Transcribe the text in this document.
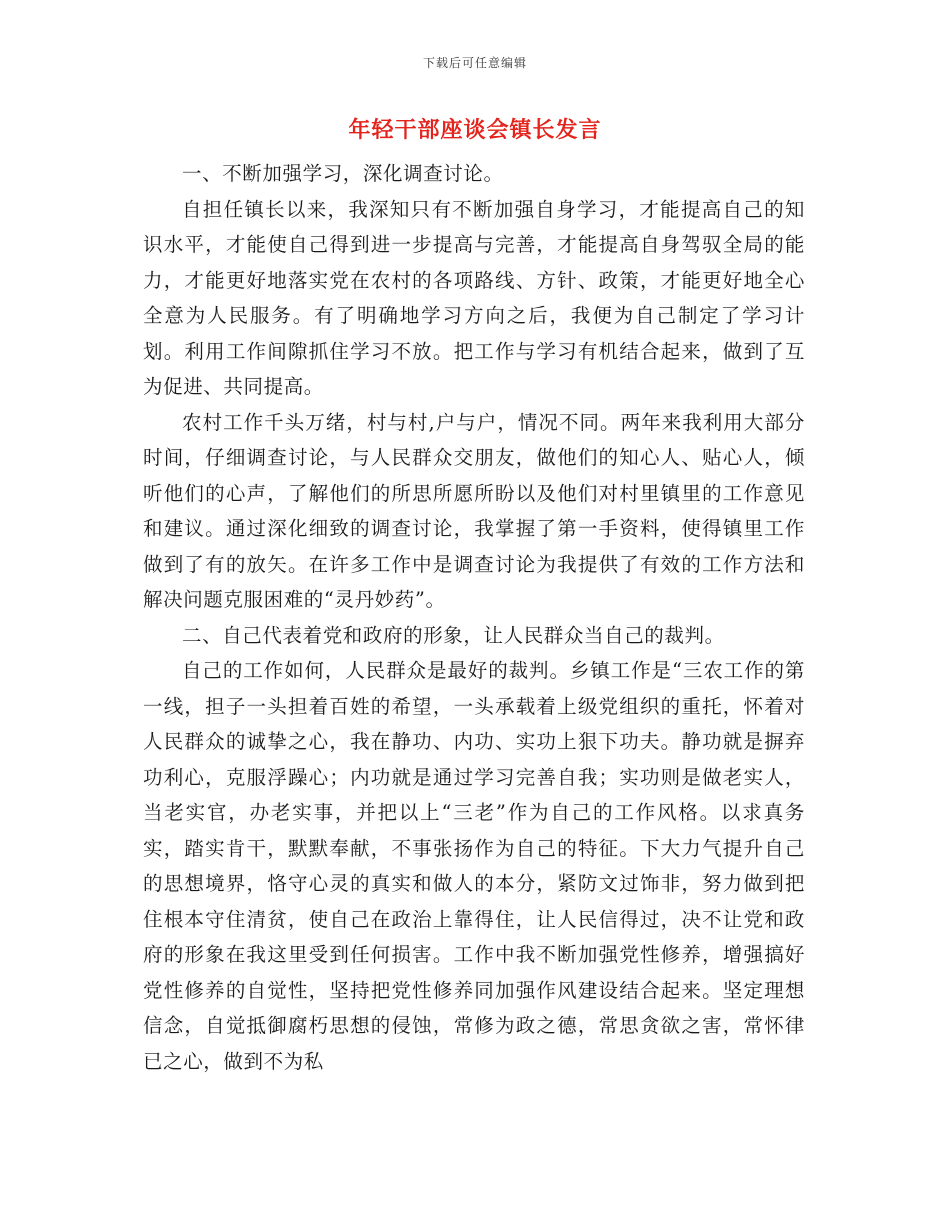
下载后可任意编辑
年轻干部座谈会镇长发言

一、不断加强学习，深化调查讨论。

自担任镇长以来，我深知只有不断加强自身学习，才能提高自己的知识水平，才能使自己得到进一步提高与完善，才能提高自身驾驭全局的能力，才能更好地落实党在农村的各项路线、方针、政策，才能更好地全心全意为人民服务。有了明确地学习方向之后，我便为自己制定了学习计划。利用工作间隙抓住学习不放。把工作与学习有机结合起来，做到了互为促进、共同提高。

农村工作千头万绪，村与村,户与户，情况不同。两年来我利用大部分时间，仔细调查讨论，与人民群众交朋友，做他们的知心人、贴心人，倾听他们的心声，了解他们的所思所愿所盼以及他们对村里镇里的工作意见和建议。通过深化细致的调查讨论，我掌握了第一手资料，使得镇里工作做到了有的放矢。在许多工作中是调查讨论为我提供了有效的工作方法和解决问题克服困难的“灵丹妙药”。

二、自己代表着党和政府的形象，让人民群众当自己的裁判。

自己的工作如何，人民群众是最好的裁判。乡镇工作是“三农工作的第一线，担子一头担着百姓的希望，一头承载着上级党组织的重托，怀着对人民群众的诚挚之心，我在静功、内功、实功上狠下功夫。静功就是摒弃功利心，克服浮躁心；内功就是通过学习完善自我；实功则是做老实人，当老实官，办老实事，并把以上“三老”作为自己的工作风格。以求真务实，踏实肯干，默默奉献，不事张扬作为自己的特征。下大力气提升自己的思想境界，恪守心灵的真实和做人的本分，紧防文过饰非，努力做到把住根本守住清贫，使自己在政治上靠得住，让人民信得过，决不让党和政府的形象在我这里受到任何损害。工作中我不断加强党性修养，增强搞好党性修养的自觉性，坚持把党性修养同加强作风建设结合起来。坚定理想信念，自觉抵御腐朽思想的侵蚀，常修为政之德，常思贪欲之害，常怀律已之心，做到不为私
